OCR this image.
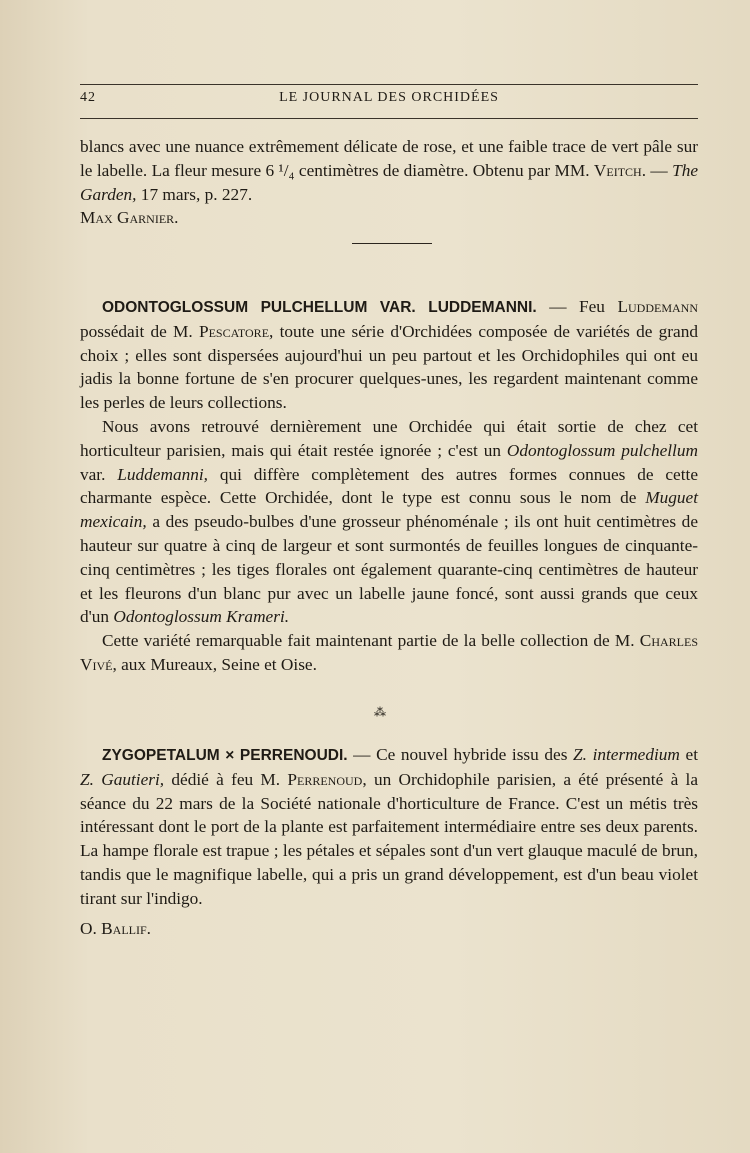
42	LE JOURNAL DES ORCHIDÉES

blancs avec une nuance extrêmement délicate de rose, et une faible trace de vert pâle sur le labelle. La fleur mesure 6 ¹/₄ centimètres de diamètre. Obtenu par MM. Veitch. — The Garden, 17 mars, p. 227.

Max Garnier.

ODONTOGLOSSUM PULCHELLUM VAR. LUDDEMANNI. — Feu Luddemann possédait de M. Pescatore, toute une série d'Orchidées composée de variétés de grand choix ; elles sont dispersées aujourd'hui un peu partout et les Orchidophiles qui ont eu jadis la bonne fortune de s'en procurer quelques-unes, les regardent maintenant comme les perles de leurs collections.

Nous avons retrouvé dernièrement une Orchidée qui était sortie de chez cet horticulteur parisien, mais qui était restée ignorée ; c'est un Odontoglossum pulchellum var. Luddemanni, qui diffère complètement des autres formes connues de cette charmante espèce. Cette Orchidée, dont le type est connu sous le nom de Muguet mexicain, a des pseudo-bulbes d'une grosseur phénoménale ; ils ont huit centimètres de hauteur sur quatre à cinq de largeur et sont surmontés de feuilles longues de cinquante-cinq centimètres ; les tiges florales ont également quarante-cinq centimètres de hauteur et les fleurons d'un blanc pur avec un labelle jaune foncé, sont aussi grands que ceux d'un Odontoglossum Krameri.

Cette variété remarquable fait maintenant partie de la belle collection de M. Charles Vivé, aux Mureaux, Seine et Oise.

⁂

ZYGOPETALUM × PERRENOUDI. — Ce nouvel hybride issu des Z. intermedium et Z. Gautieri, dédié à feu M. Perrenoud, un Orchidophile parisien, a été présenté à la séance du 22 mars de la Société nationale d'horticulture de France. C'est un métis très intéressant dont le port de la plante est parfaitement intermédiaire entre ses deux parents. La hampe florale est trapue ; les pétales et sépales sont d'un vert glauque maculé de brun, tandis que le magnifique labelle, qui a pris un grand développement, est d'un beau violet tirant sur l'indigo.

O. Ballif.
